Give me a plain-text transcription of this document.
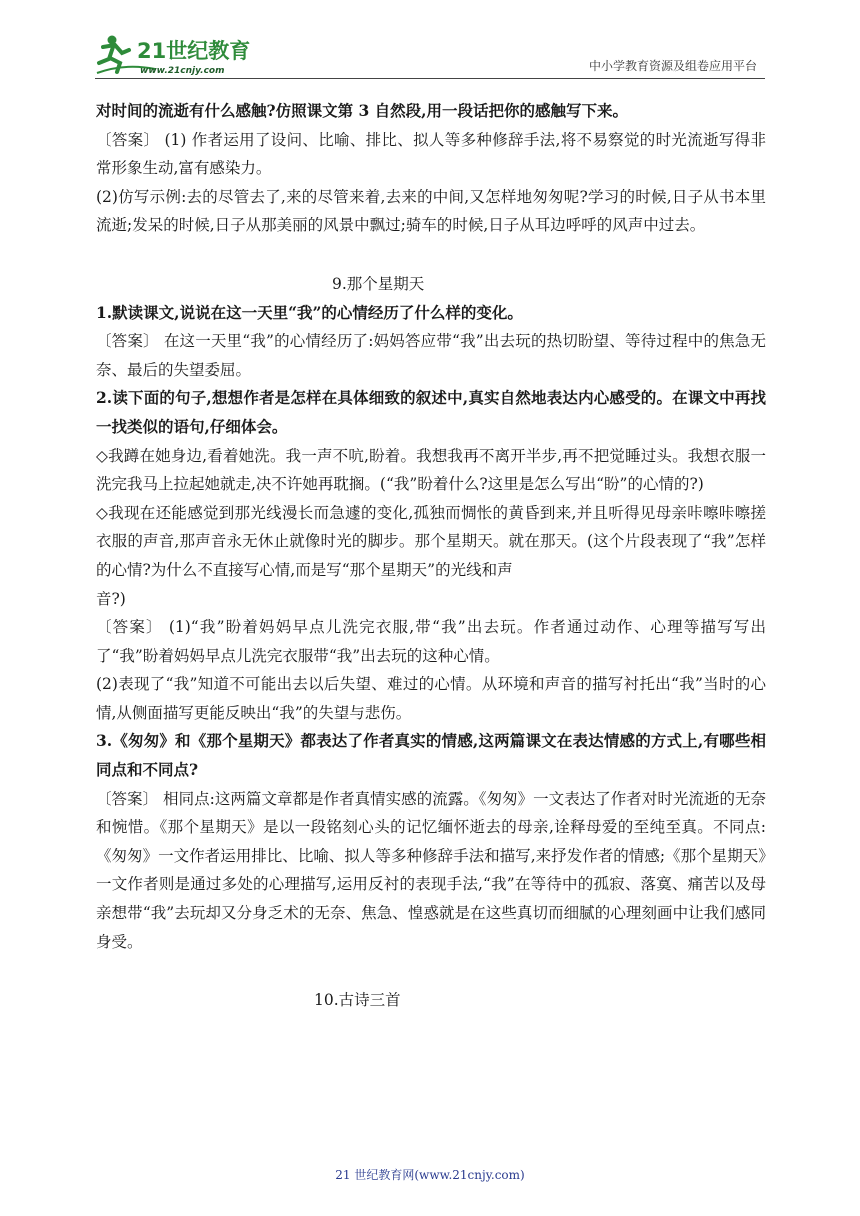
21世纪教育
www.21cnjy.com	中小学教育资源及组卷应用平台

对时间的流逝有什么感触?仿照课文第 3 自然段,用一段话把你的感触写下来。

〔答案〕 (1) 作者运用了设问、比喻、排比、拟人等多种修辞手法,将不易察觉的时光流逝写得非常形象生动,富有感染力。

(2)仿写示例:去的尽管去了,来的尽管来着,去来的中间,又怎样地匆匆呢?学习的时候,日子从书本里流逝;发呆的时候,日子从那美丽的风景中飘过;骑车的时候,日子从耳边呼呼的风声中过去。

9.那个星期天

1.默读课文,说说在这一天里“我”的心情经历了什么样的变化。

〔答案〕 在这一天里“我”的心情经历了:妈妈答应带“我”出去玩的热切盼望、等待过程中的焦急无奈、最后的失望委屈。

2.读下面的句子,想想作者是怎样在具体细致的叙述中,真实自然地表达内心感受的。在课文中再找一找类似的语句,仔细体会。

◇我蹲在她身边,看着她洗。我一声不吭,盼着。我想我再不离开半步,再不把觉睡过头。我想衣服一洗完我马上拉起她就走,决不许她再耽搁。(“我”盼着什么?这里是怎么写出“盼”的心情的?)

◇我现在还能感觉到那光线漫长而急遽的变化,孤独而惆怅的黄昏到来,并且听得见母亲咔嚓咔嚓搓衣服的声音,那声音永无休止就像时光的脚步。那个星期天。就在那天。(这个片段表现了“我”怎样的心情?为什么不直接写心情,而是写“那个星期天”的光线和声

音?)

〔答案〕 (1)“我”盼着妈妈早点儿洗完衣服,带“我”出去玩。作者通过动作、心理等描写写出了“我”盼着妈妈早点儿洗完衣服带“我”出去玩的这种心情。

(2)表现了“我”知道不可能出去以后失望、难过的心情。从环境和声音的描写衬托出“我”当时的心情,从侧面描写更能反映出“我”的失望与悲伤。

3.《匆匆》和《那个星期天》都表达了作者真实的情感,这两篇课文在表达情感的方式上,有哪些相同点和不同点?

〔答案〕 相同点:这两篇文章都是作者真情实感的流露。《匆匆》一文表达了作者对时光流逝的无奈和惋惜。《那个星期天》是以一段铭刻心头的记忆缅怀逝去的母亲,诠释母爱的至纯至真。不同点:《匆匆》一文作者运用排比、比喻、拟人等多种修辞手法和描写,来抒发作者的情感;《那个星期天》一文作者则是通过多处的心理描写,运用反衬的表现手法,“我”在等待中的孤寂、落寞、痛苦以及母亲想带“我”去玩却又分身乏术的无奈、焦急、惶惑就是在这些真切而细腻的心理刻画中让我们感同身受。

10.古诗三首

21 世纪教育网(www.21cnjy.com)
